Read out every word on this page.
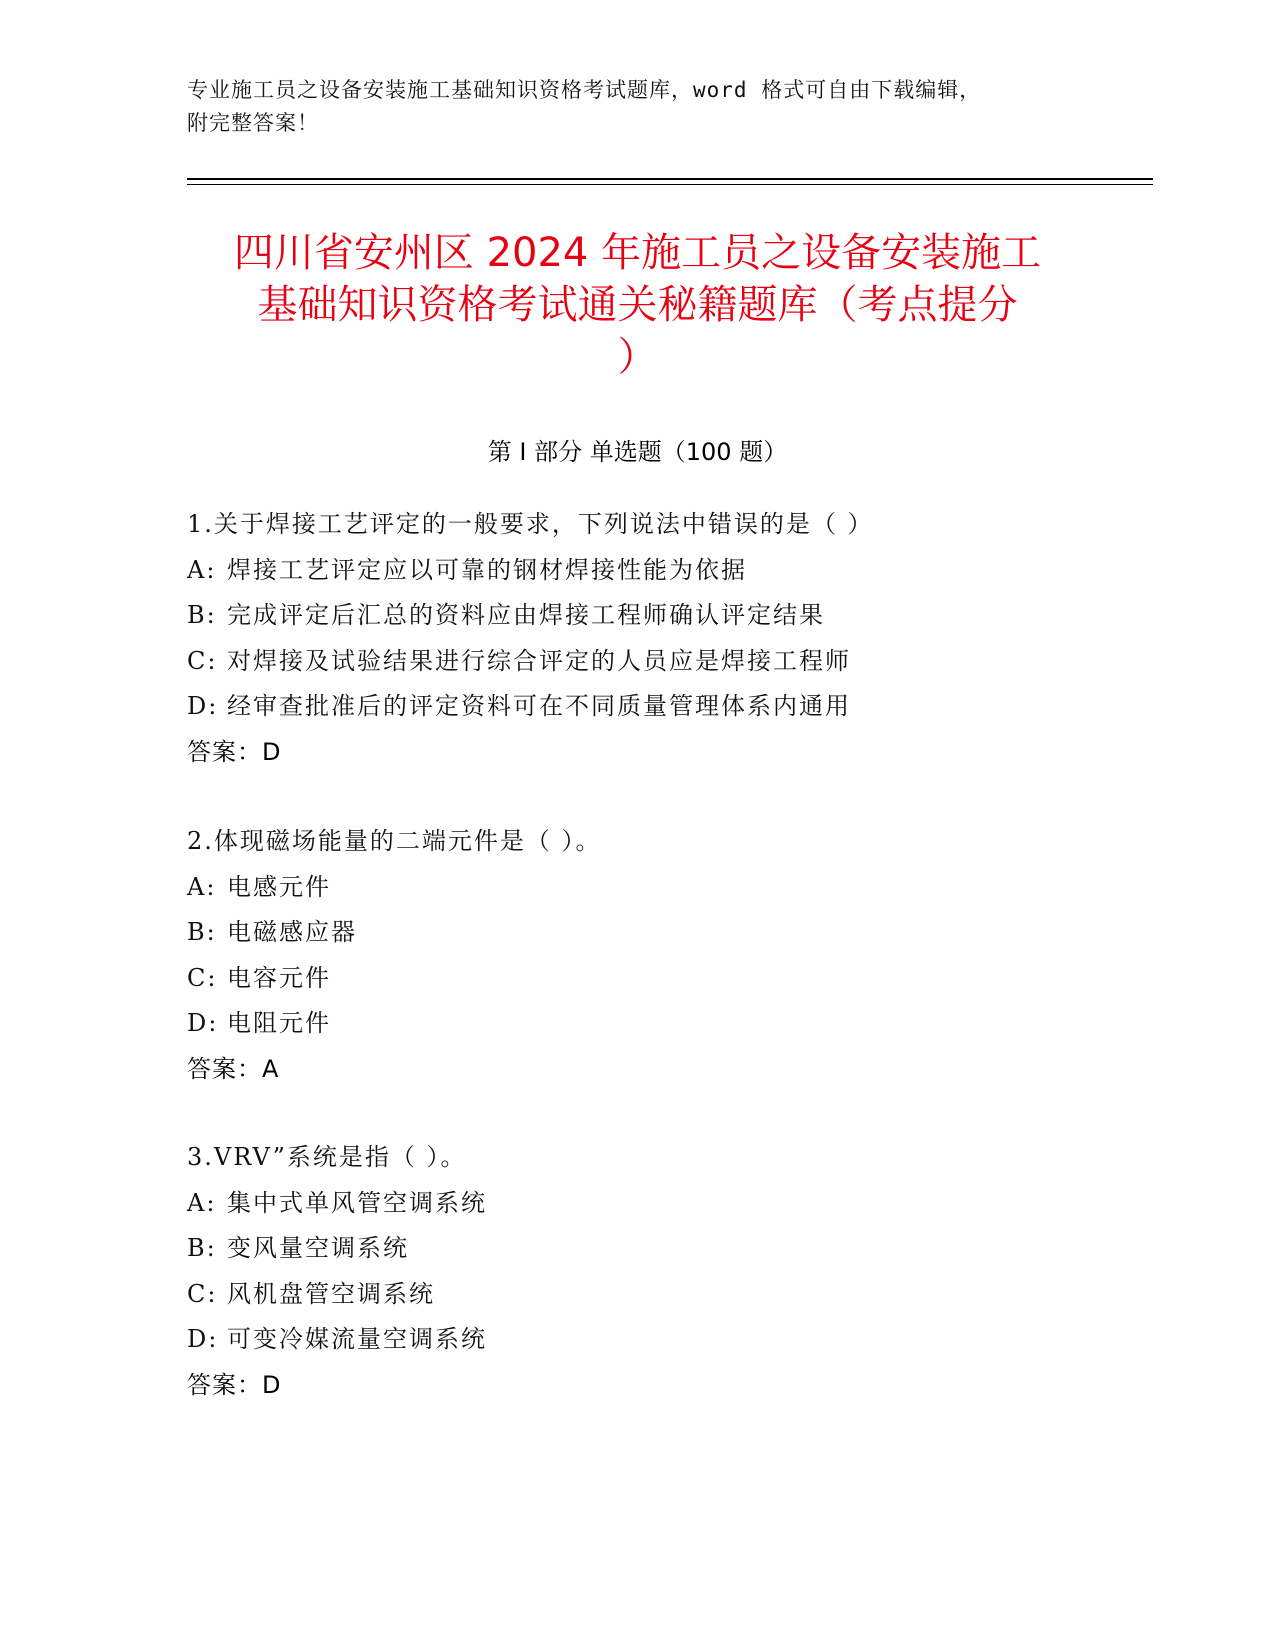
专业施工员之设备安装施工基础知识资格考试题库，word 格式可自由下载编辑，
附完整答案！
四川省安州区 2024 年施工员之设备安装施工
基础知识资格考试通关秘籍题库（考点提分
）
第 I 部分 单选题（100 题）
1.关于焊接工艺评定的一般要求，下列说法中错误的是（ ）
A: 焊接工艺评定应以可靠的钢材焊接性能为依据
B: 完成评定后汇总的资料应由焊接工程师确认评定结果
C: 对焊接及试验结果进行综合评定的人员应是焊接工程师
D: 经审查批准后的评定资料可在不同质量管理体系内通用
答案：D
2.体现磁场能量的二端元件是（ ）。
A: 电感元件
B: 电磁感应器
C: 电容元件
D: 电阻元件
答案：A
3.VRV”系统是指（ ）。
A: 集中式单风管空调系统
B: 变风量空调系统
C: 风机盘管空调系统
D: 可变冷媒流量空调系统
答案：D
